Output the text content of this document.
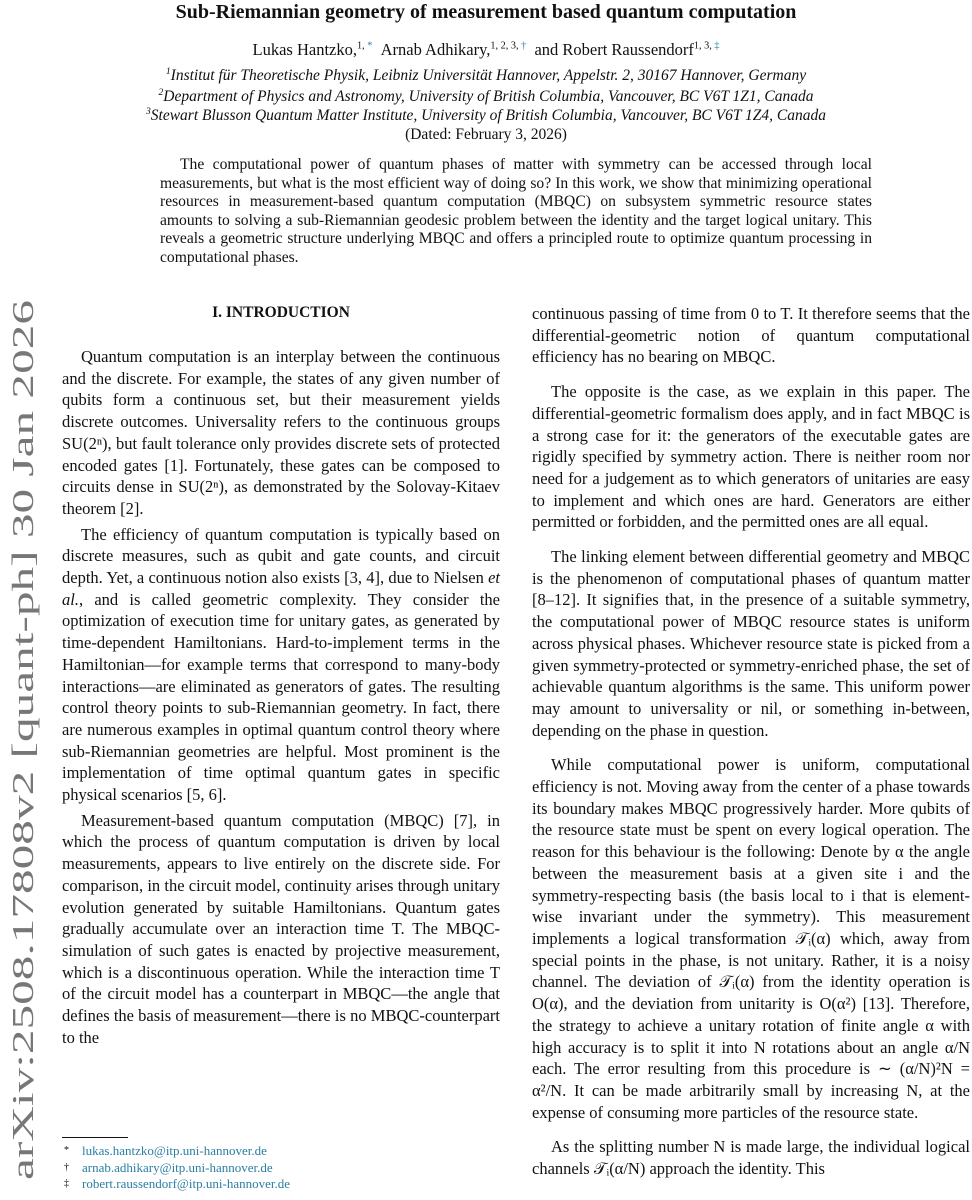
Sub-Riemannian geometry of measurement based quantum computation
Lukas Hantzko,$^{1, *}$ Arnab Adhikary,$^{1, 2, 3, \dagger}$ and Robert Raussendorf$^{1, 3, \ddagger}$
$^1$Institut für Theoretische Physik, Leibniz Universität Hannover, Appelstr. 2, 30167 Hannover, Germany
$^2$Department of Physics and Astronomy, University of British Columbia, Vancouver, BC V6T 1Z1, Canada
$^3$Stewart Blusson Quantum Matter Institute, University of British Columbia, Vancouver, BC V6T 1Z4, Canada
(Dated: February 3, 2026)
The computational power of quantum phases of matter with symmetry can be accessed through local measurements, but what is the most efficient way of doing so? In this work, we show that minimizing operational resources in measurement-based quantum computation (MBQC) on subsystem symmetric resource states amounts to solving a sub-Riemannian geodesic problem between the identity and the target logical unitary. This reveals a geometric structure underlying MBQC and offers a principled route to optimize quantum processing in computational phases.
arXiv:2508.17808v2 [quant-ph] 30 Jan 2026
I. INTRODUCTION

Quantum computation is an interplay between the continuous and the discrete. For example, the states of any given number of qubits form a continuous set, but their measurement yields discrete outcomes. Universality refers to the continuous groups SU(2ⁿ), but fault tolerance only provides discrete sets of protected encoded gates [1]. Fortunately, these gates can be composed to circuits dense in SU(2ⁿ), as demonstrated by the Solovay-Kitaev theorem [2].

The efficiency of quantum computation is typically based on discrete measures, such as qubit and gate counts, and circuit depth. Yet, a continuous notion also exists [3, 4], due to Nielsen et al., and is called geometric complexity. They consider the optimization of execution time for unitary gates, as generated by time-dependent Hamiltonians. Hard-to-implement terms in the Hamiltonian—for example terms that correspond to many-body interactions—are eliminated as generators of gates. The resulting control theory points to sub-Riemannian geometry. In fact, there are numerous examples in optimal quantum control theory where sub-Riemannian geometries are helpful. Most prominent is the implementation of time optimal quantum gates in specific physical scenarios [5, 6].

Measurement-based quantum computation (MBQC) [7], in which the process of quantum computation is driven by local measurements, appears to live entirely on the discrete side. For comparison, in the circuit model, continuity arises through unitary evolution generated by suitable Hamiltonians. Quantum gates gradually accumulate over an interaction time T. The MBQC-simulation of such gates is enacted by projective measurement, which is a discontinuous operation. While the interaction time T of the circuit model has a counterpart in MBQC—the angle that defines the basis of measurement—there is no MBQC-counterpart to the

continuous passing of time from 0 to T. It therefore seems that the differential-geometric notion of quantum computational efficiency has no bearing on MBQC.

The opposite is the case, as we explain in this paper. The differential-geometric formalism does apply, and in fact MBQC is a strong case for it: the generators of the executable gates are rigidly specified by symmetry action. There is neither room nor need for a judgement as to which generators of unitaries are easy to implement and which ones are hard. Generators are either permitted or forbidden, and the permitted ones are all equal.

The linking element between differential geometry and MBQC is the phenomenon of computational phases of quantum matter [8–12]. It signifies that, in the presence of a suitable symmetry, the computational power of MBQC resource states is uniform across physical phases. Whichever resource state is picked from a given symmetry-protected or symmetry-enriched phase, the set of achievable quantum algorithms is the same. This uniform power may amount to universality or nil, or something in-between, depending on the phase in question.

While computational power is uniform, computational efficiency is not. Moving away from the center of a phase towards its boundary makes MBQC progressively harder. More qubits of the resource state must be spent on every logical operation. The reason for this behaviour is the following: Denote by α the angle between the measurement basis at a given site i and the symmetry-respecting basis (the basis local to i that is element-wise invariant under the symmetry). This measurement implements a logical transformation 𝒯ᵢ(α) which, away from special points in the phase, is not unitary. Rather, it is a noisy channel. The deviation of 𝒯ᵢ(α) from the identity operation is O(α), and the deviation from unitarity is O(α²) [13]. Therefore, the strategy to achieve a unitary rotation of finite angle α with high accuracy is to split it into N rotations about an angle α/N each. The error resulting from this procedure is ∼ (α/N)²N = α²/N. It can be made arbitrarily small by increasing N, at the expense of consuming more particles of the resource state.

As the splitting number N is made large, the individual logical channels 𝒯ᵢ(α/N) approach the identity. This

* lukas.hantzko@itp.uni-hannover.de
† arnab.adhikary@itp.uni-hannover.de
‡ robert.raussendorf@itp.uni-hannover.de
